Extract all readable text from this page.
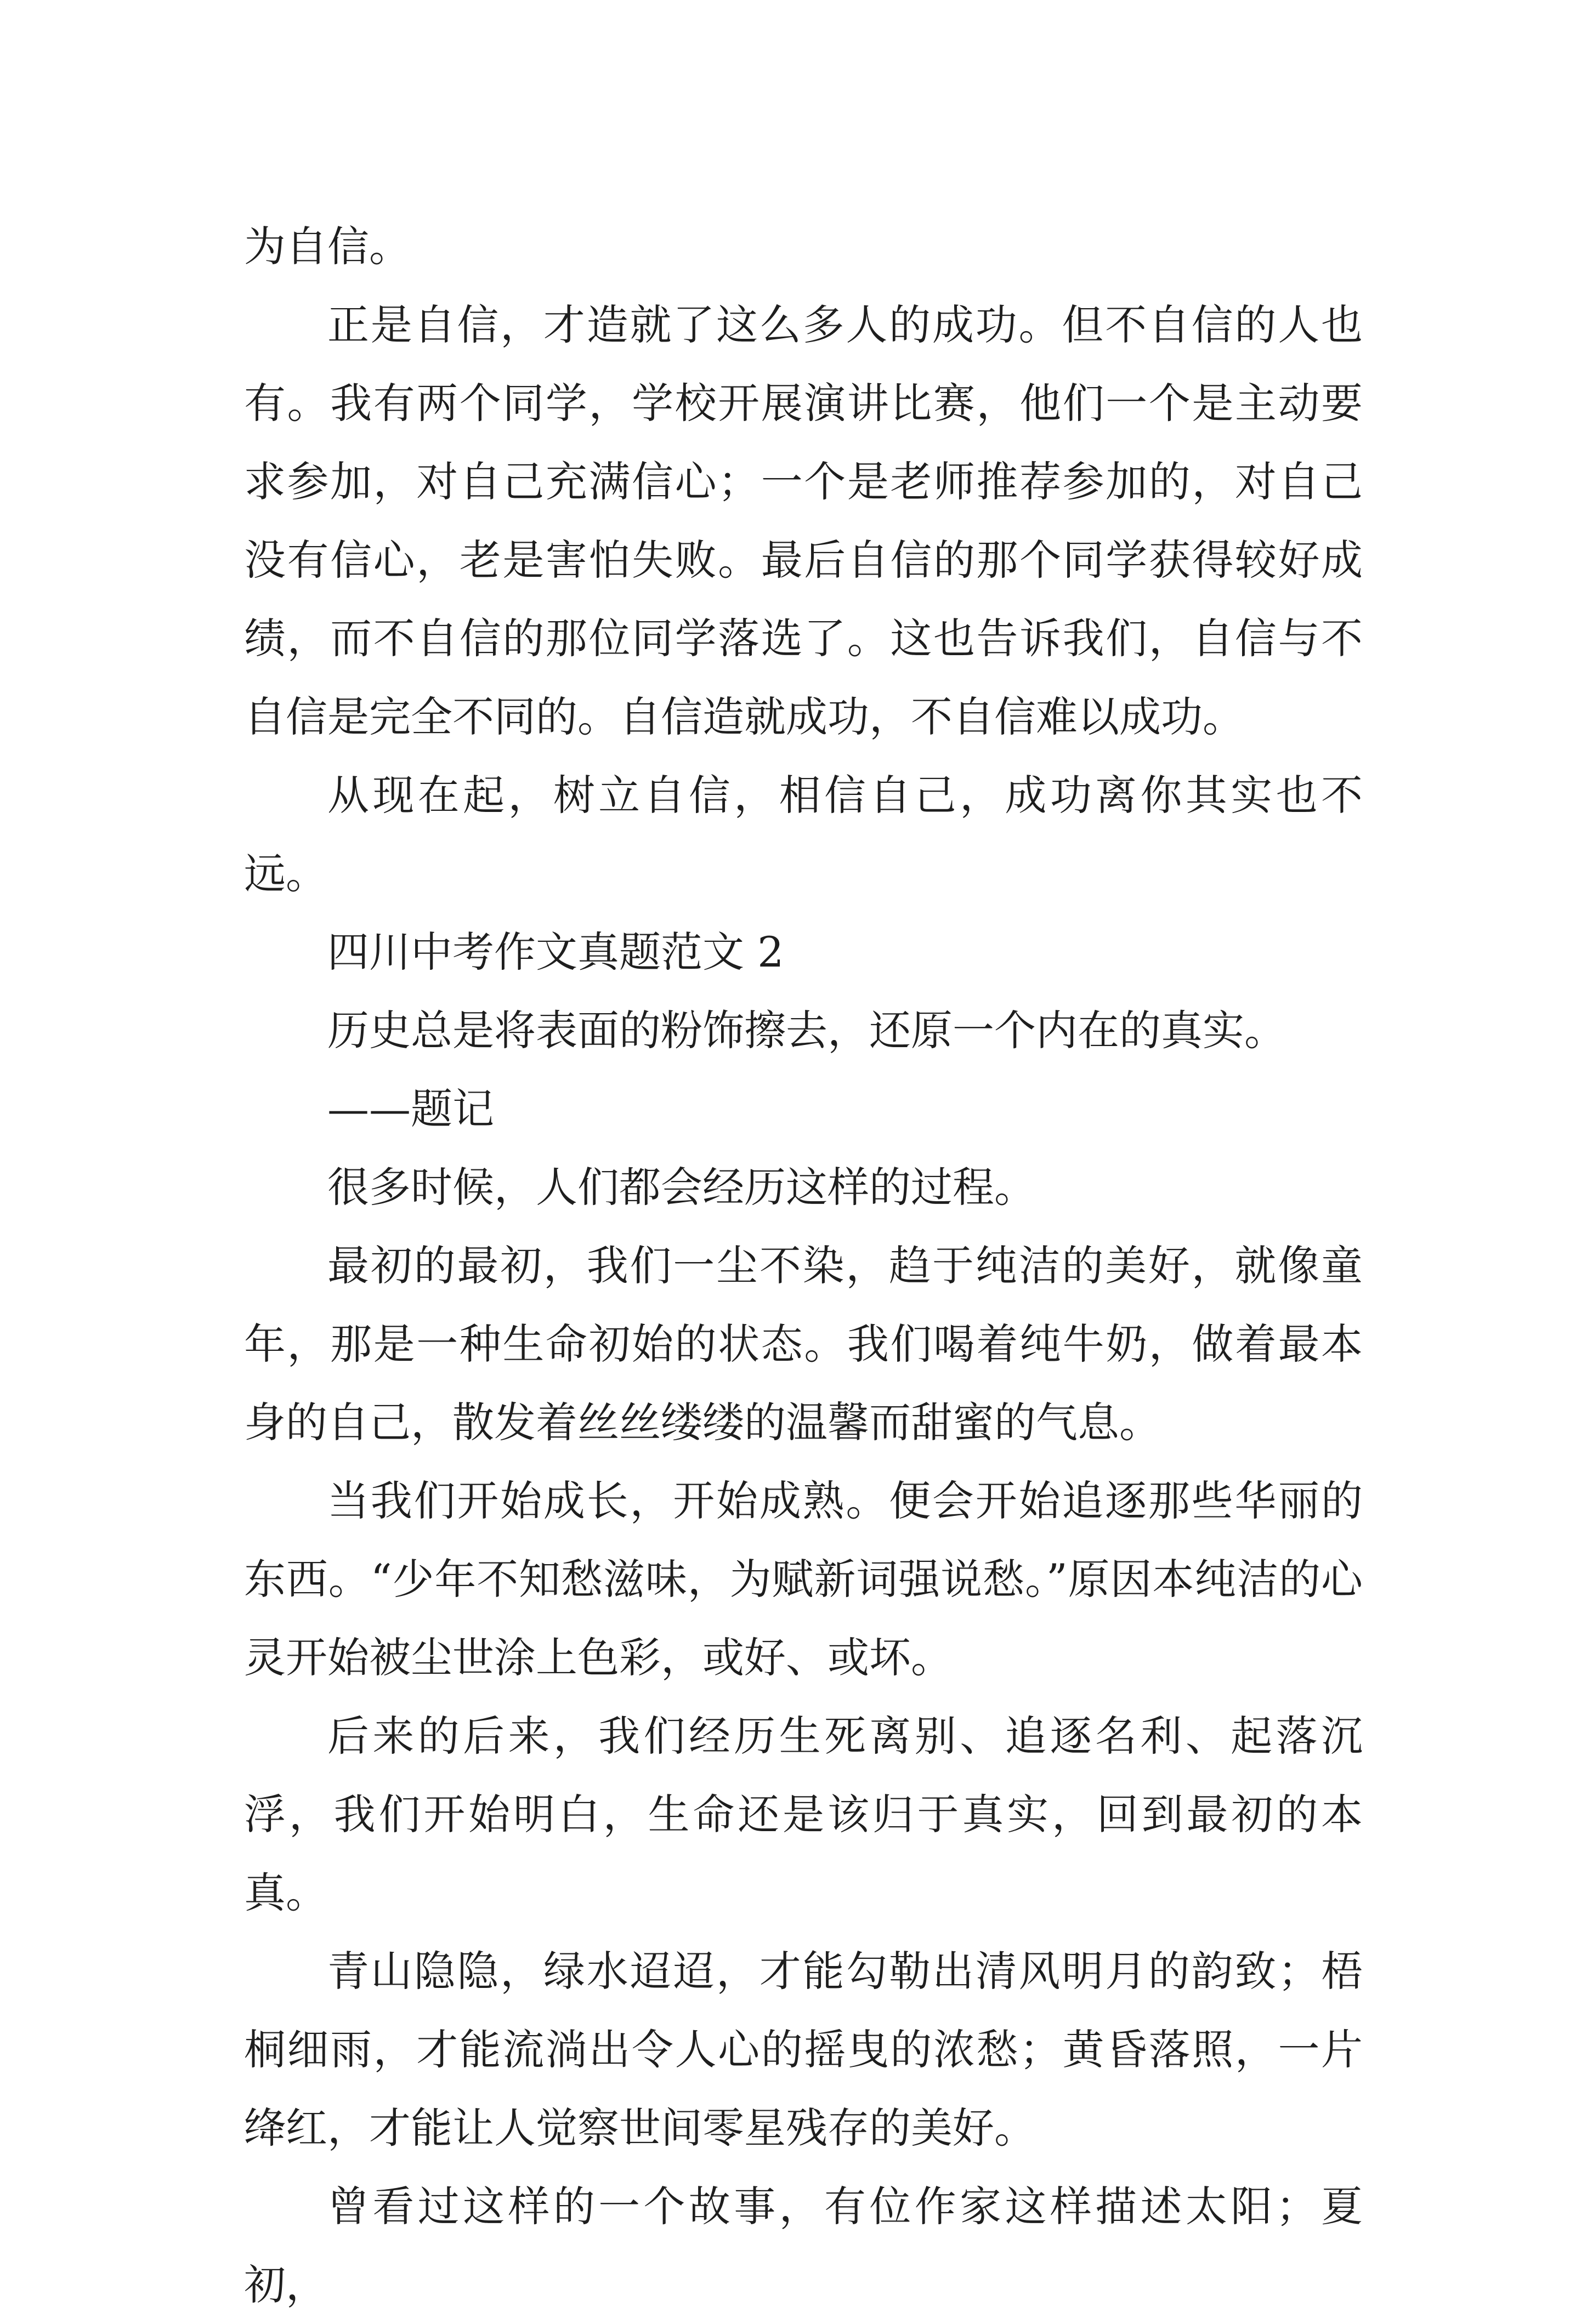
为自信。

正是自信，才造就了这么多人的成功。但不自信的人也有。我有两个同学，学校开展演讲比赛，他们一个是主动要求参加，对自己充满信心；一个是老师推荐参加的，对自己没有信心，老是害怕失败。最后自信的那个同学获得较好成绩，而不自信的那位同学落选了。这也告诉我们，自信与不自信是完全不同的。自信造就成功，不自信难以成功。

从现在起，树立自信，相信自己，成功离你其实也不远。

四川中考作文真题范文 2

历史总是将表面的粉饰擦去，还原一个内在的真实。

——题记

很多时候，人们都会经历这样的过程。

最初的最初，我们一尘不染，趋于纯洁的美好，就像童年，那是一种生命初始的状态。我们喝着纯牛奶，做着最本身的自己，散发着丝丝缕缕的温馨而甜蜜的气息。

当我们开始成长，开始成熟。便会开始追逐那些华丽的东西。“少年不知愁滋味，为赋新词强说愁。”原因本纯洁的心灵开始被尘世涂上色彩，或好、或坏。

后来的后来，我们经历生死离别、追逐名利、起落沉浮，我们开始明白，生命还是该归于真实，回到最初的本真。

青山隐隐，绿水迢迢，才能勾勒出清风明月的韵致；梧桐细雨，才能流淌出令人心的摇曳的浓愁；黄昏落照，一片绛红，才能让人觉察世间零星残存的美好。

曾看过这样的一个故事，有位作家这样描述太阳；夏初，
